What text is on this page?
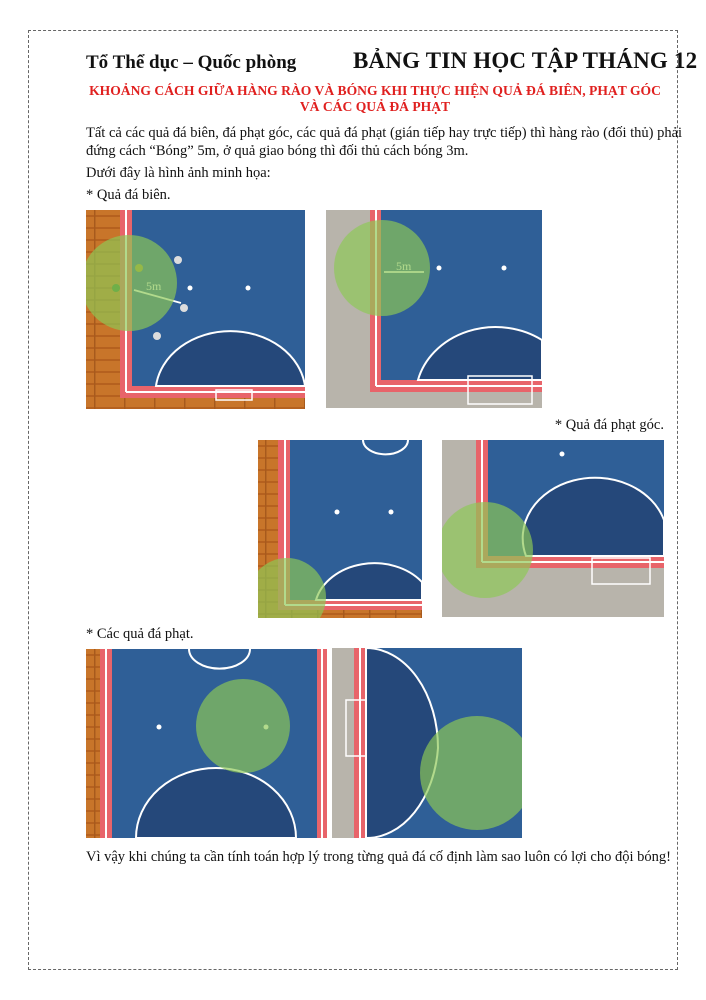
Tổ Thể dục – Quốc phòng BẢNG TIN HỌC TẬP THÁNG 12
KHOẢNG CÁCH GIỮA HÀNG RÀO VÀ BÓNG KHI THỰC HIỆN QUẢ ĐÁ BIÊN, PHẠT GÓC VÀ CÁC QUẢ ĐÁ PHẠT
Tất cả các quả đá biên, đá phạt góc, các quả đá phạt (gián tiếp hay trực tiếp) thì hàng rào (đối thủ) phải đứng cách “Bóng” 5m, ở quả giao bóng thì đối thủ cách bóng 3m.
Dưới đây là hình ảnh minh họa:
* Quả đá biên.
* Quả đá phạt góc.
* Các quả đá phạt.
Vì vậy khi chúng ta cần tính toán hợp lý trong từng quả đá cố định làm sao luôn có lợi cho đội bóng!
